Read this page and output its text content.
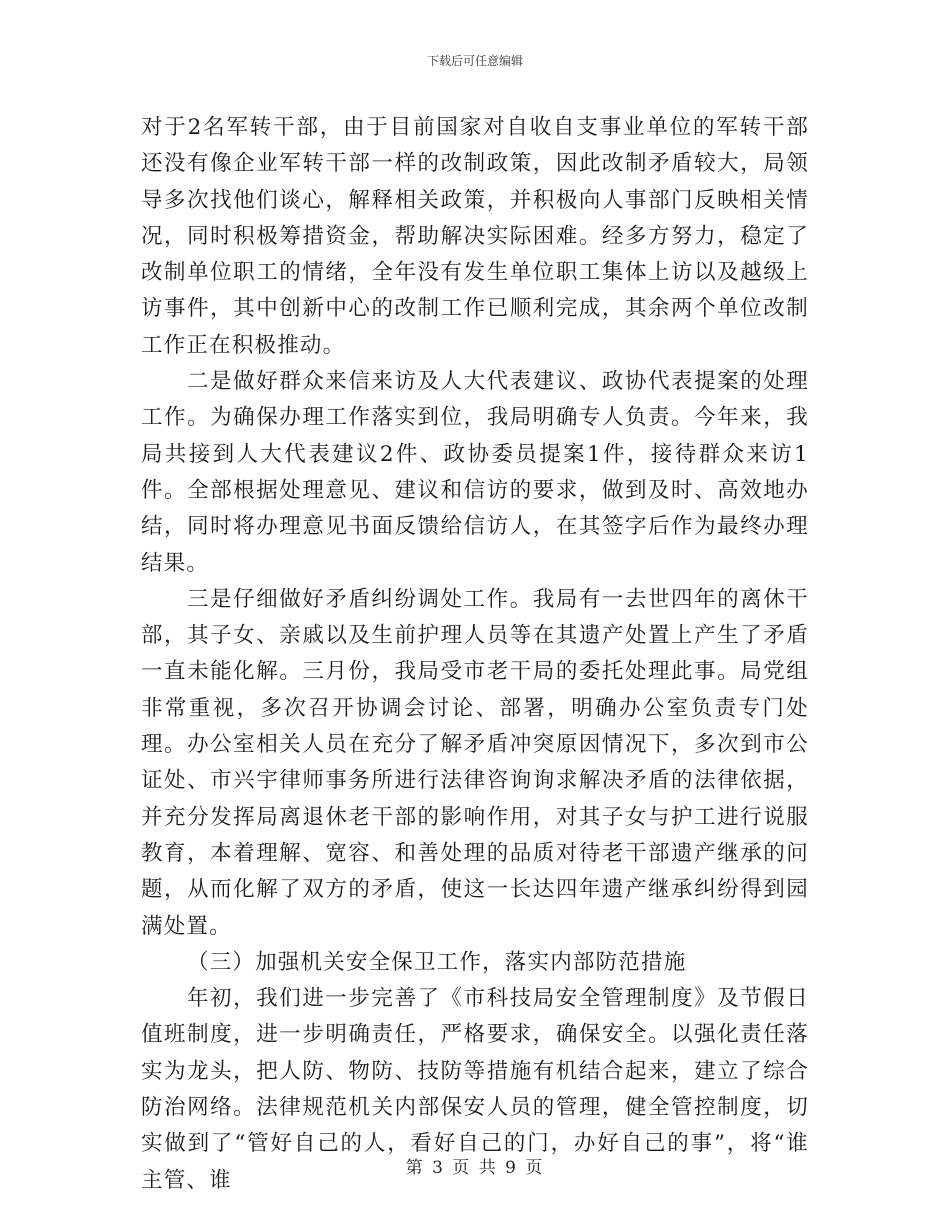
下载后可任意编辑

对于2名军转干部，由于目前国家对自收自支事业单位的军转干部还没有像企业军转干部一样的改制政策，因此改制矛盾较大，局领导多次找他们谈心，解释相关政策，并积极向人事部门反映相关情况，同时积极筹措资金，帮助解决实际困难。经多方努力，稳定了改制单位职工的情绪，全年没有发生单位职工集体上访以及越级上访事件，其中创新中心的改制工作已顺利完成，其余两个单位改制工作正在积极推动。

二是做好群众来信来访及人大代表建议、政协代表提案的处理工作。为确保办理工作落实到位，我局明确专人负责。今年来，我局共接到人大代表建议2件、政协委员提案1件，接待群众来访1件。全部根据处理意见、建议和信访的要求，做到及时、高效地办结，同时将办理意见书面反馈给信访人，在其签字后作为最终办理结果。

三是仔细做好矛盾纠纷调处工作。我局有一去世四年的离休干部，其子女、亲戚以及生前护理人员等在其遗产处置上产生了矛盾一直未能化解。三月份，我局受市老干局的委托处理此事。局党组非常重视，多次召开协调会讨论、部署，明确办公室负责专门处理。办公室相关人员在充分了解矛盾冲突原因情况下，多次到市公证处、市兴宇律师事务所进行法律咨询询求解决矛盾的法律依据，并充分发挥局离退休老干部的影响作用，对其子女与护工进行说服教育，本着理解、宽容、和善处理的品质对待老干部遗产继承的问题，从而化解了双方的矛盾，使这一长达四年遗产继承纠纷得到园满处置。

（三）加强机关安全保卫工作，落实内部防范措施

年初，我们进一步完善了《市科技局安全管理制度》及节假日值班制度，进一步明确责任，严格要求，确保安全。以强化责任落实为龙头，把人防、物防、技防等措施有机结合起来，建立了综合防治网络。法律规范机关内部保安人员的管理，健全管控制度，切实做到了“管好自己的人，看好自己的门，办好自己的事”，将“谁主管、谁	第 3 页 共 9 页
